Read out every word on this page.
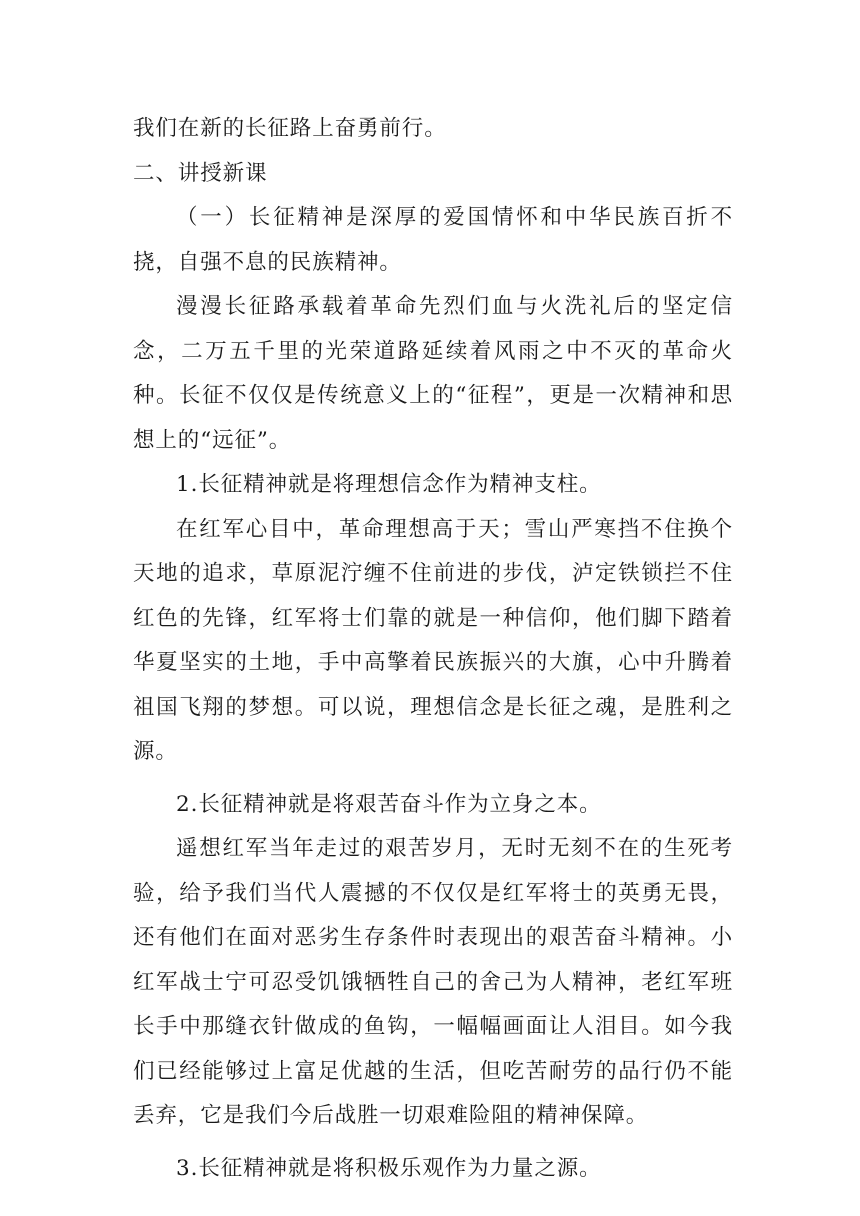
我们在新的长征路上奋勇前行。

二、讲授新课

（一）长征精神是深厚的爱国情怀和中华民族百折不挠，自强不息的民族精神。

漫漫长征路承载着革命先烈们血与火洗礼后的坚定信念，二万五千里的光荣道路延续着风雨之中不灭的革命火种。长征不仅仅是传统意义上的“征程”，更是一次精神和思想上的“远征”。

1.长征精神就是将理想信念作为精神支柱。

在红军心目中，革命理想高于天；雪山严寒挡不住换个天地的追求，草原泥泞缠不住前进的步伐，泸定铁锁拦不住红色的先锋，红军将士们靠的就是一种信仰，他们脚下踏着华夏坚实的土地，手中高擎着民族振兴的大旗，心中升腾着祖国飞翔的梦想。可以说，理想信念是长征之魂，是胜利之源。

2.长征精神就是将艰苦奋斗作为立身之本。

遥想红军当年走过的艰苦岁月，无时无刻不在的生死考验，给予我们当代人震撼的不仅仅是红军将士的英勇无畏，还有他们在面对恶劣生存条件时表现出的艰苦奋斗精神。小红军战士宁可忍受饥饿牺牲自己的舍己为人精神，老红军班长手中那缝衣针做成的鱼钩，一幅幅画面让人泪目。如今我们已经能够过上富足优越的生活，但吃苦耐劳的品行仍不能丢弃，它是我们今后战胜一切艰难险阻的精神保障。

3.长征精神就是将积极乐观作为力量之源。
